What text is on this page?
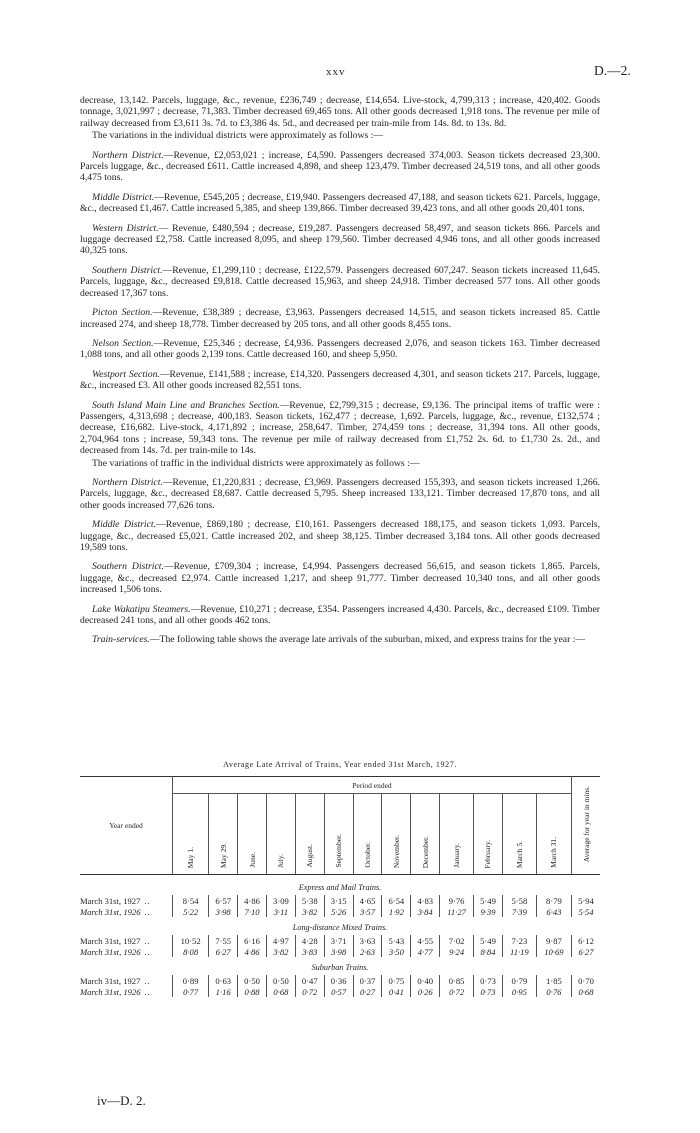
xxv	D.—2.

decrease, 13,142. Parcels, luggage, &c., revenue, £236,749 ; decrease, £14,654. Live-stock, 4,799,313 ; increase, 420,402. Goods tonnage, 3,021,997 ; decrease, 71,383. Timber decreased 69,465 tons. All other goods decreased 1,918 tons. The revenue per mile of railway decreased from £3,611 3s. 7d. to £3,386 4s. 5d., and decreased per train-mile from 14s. 8d. to 13s. 8d.

The variations in the individual districts were approximately as follows :—

Northern District.—Revenue, £2,053,021 ; increase, £4,590. Passengers decreased 374,003. Season tickets decreased 23,300. Parcels luggage, &c., decreased £611. Cattle increased 4,898, and sheep 123,479. Timber decreased 24,519 tons, and all other goods 4,475 tons.

Middle District.—Revenue, £545,205 ; decrease, £19,940. Passengers decreased 47,188, and season tickets 621. Parcels, luggage, &c., decreased £1,467. Cattle increased 5,385, and sheep 139,866. Timber decreased 39,423 tons, and all other goods 20,401 tons.

Western District.— Revenue, £480,594 ; decrease, £19,287. Passengers decreased 58,497, and season tickets 866. Parcels and luggage decreased £2,758. Cattle increased 8,095, and sheep 179,560. Timber decreased 4,946 tons, and all other goods increased 40,325 tons.

Southern District.—Revenue, £1,299,110 ; decrease, £122,579. Passengers decreased 607,247. Season tickets increased 11,645. Parcels, luggage, &c., decreased £9,818. Cattle decreased 15,963, and sheep 24,918. Timber decreased 577 tons. All other goods decreased 17,367 tons.

Picton Section.—Revenue, £38,389 ; decrease, £3,963. Passengers decreased 14,515, and season tickets increased 85. Cattle increased 274, and sheep 18,778. Timber decreased by 205 tons, and all other goods 8,455 tons.

Nelson Section.—Revenue, £25,346 ; decrease, £4,936. Passengers decreased 2,076, and season tickets 163. Timber decreased 1,088 tons, and all other goods 2,139 tons. Cattle decreased 160, and sheep 5,950.

Westport Section.—Revenue, £141,588 ; increase, £14,320. Passengers decreased 4,301, and season tickets 217. Parcels, luggage, &c., increased £3. All other goods increased 82,551 tons.

South Island Main Line and Branches Section.—Revenue, £2,799,315 ; decrease, £9,136. The principal items of traffic were : Passengers, 4,313,698 ; decrease, 400,183. Season tickets, 162,477 ; decrease, 1,692. Parcels, luggage, &c., revenue, £132,574 ; decrease, £16,682. Live-stock, 4,171,892 ; increase, 258,647. Timber, 274,459 tons ; decrease, 31,394 tons. All other goods, 2,704,964 tons ; increase, 59,343 tons. The revenue per mile of railway decreased from £1,752 2s. 6d. to £1,730 2s. 2d., and decreased from 14s. 7d. per train-mile to 14s.

The variations of traffic in the individual districts were approximately as follows :—

Northern District.—Revenue, £1,220,831 ; decrease, £3,969. Passengers decreased 155,393, and season tickets increased 1,266. Parcels, luggage, &c., decreased £8,687. Cattle decreased 5,795. Sheep increased 133,121. Timber decreased 17,870 tons, and all other goods increased 77,626 tons.

Middle District.—Revenue, £869,180 ; decrease, £10,161. Passengers decreased 188,175, and season tickets 1,093. Parcels, luggage, &c., decreased £5,021. Cattle increased 202, and sheep 38,125. Timber decreased 3,184 tons. All other goods decreased 19,589 tons.

Southern District.—Revenue, £709,304 ; increase, £4,994. Passengers decreased 56,615, and season tickets 1,865. Parcels, luggage, &c., decreased £2,974. Cattle increased 1,217, and sheep 91,777. Timber decreased 10,340 tons, and all other goods increased 1,506 tons.

Lake Wakatipu Steamers.—Revenue, £10,271 ; decrease, £354. Passengers increased 4,430. Parcels, &c., decreased £109. Timber decreased 241 tons, and all other goods 462 tons.

Train-services.—The following table shows the average late arrivals of the suburban, mixed, and express trains for the year :—

Average Late Arrival of Trains, Year ended 31st March, 1927.
Year ended	Period ended													Average for year in mins.
	May 1.	May 29.	June.	July.	August.	September.	October.	November.	December.	January.	February.	March 5.	March 31.	
Express and Mail Trains.														
March 31st, 1927 ..	8·54	6·57	4·86	3·09	5·38	3·15	4·65	6·54	4·83	9·76	5·49	5·58	8·79	5·94
March 31st, 1926 ..	5·22	3·98	7·10	3·11	3·82	5·26	3·57	1·92	3·84	11·27	9·39	7·39	6·43	5·54
Long-distance Mixed Trains.														
March 31st, 1927 ..	10·52	7·55	6·16	4·97	4·28	3·71	3·63	5·43	4·55	7·02	5·49	7·23	9·87	6·12
March 31st, 1926 ..	8·08	6·27	4·86	3·82	3·83	3·98	2·63	3·50	4·77	9·24	8·84	11·19	10·69	6·27
Suburban Trains.														
March 31st, 1927 ..	0·89	0·63	0·50	0·50	0·47	0·36	0·37	0·75	0·40	0·85	0·73	0·79	1·85	0·70
March 31st, 1926 ..	0·77	1·16	0·88	0·68	0·72	0·57	0·27	0·41	0·26	0·72	0·73	0·95	0·76	0·68
iv—D. 2.
